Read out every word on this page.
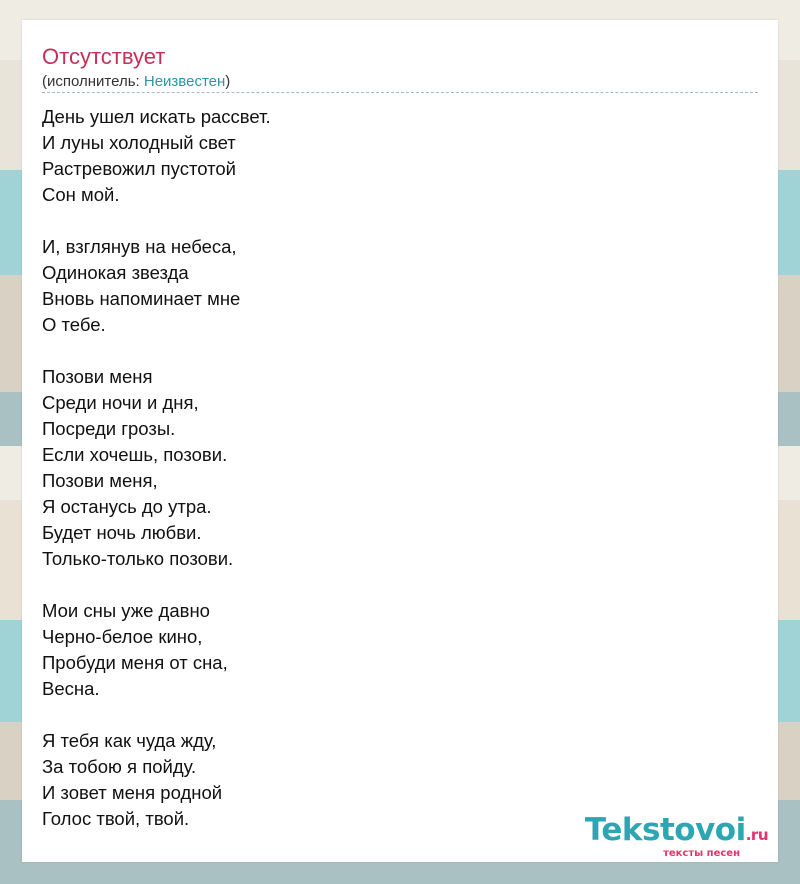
Отсутствует
(исполнитель: Неизвестен)
День ушел искать рассвет.
И луны холодный свет
Растревожил пустотой
Сон мой.
И, взглянув на небеса,
Одинокая звезда
Вновь напоминает мне
О тебе.
Позови меня
Среди ночи и дня,
Посреди грозы.
Если хочешь, позови.
Позови меня,
Я останусь до утра.
Будет ночь любви.
Только-только позови.
Мои сны уже давно
Черно-белое кино,
Пробуди меня от сна,
Весна.
Я тебя как чуда жду,
За тобою я пойду.
И зовет меня родной
Голос твой, твой.	Tekstovoi.ru
тексты песен
